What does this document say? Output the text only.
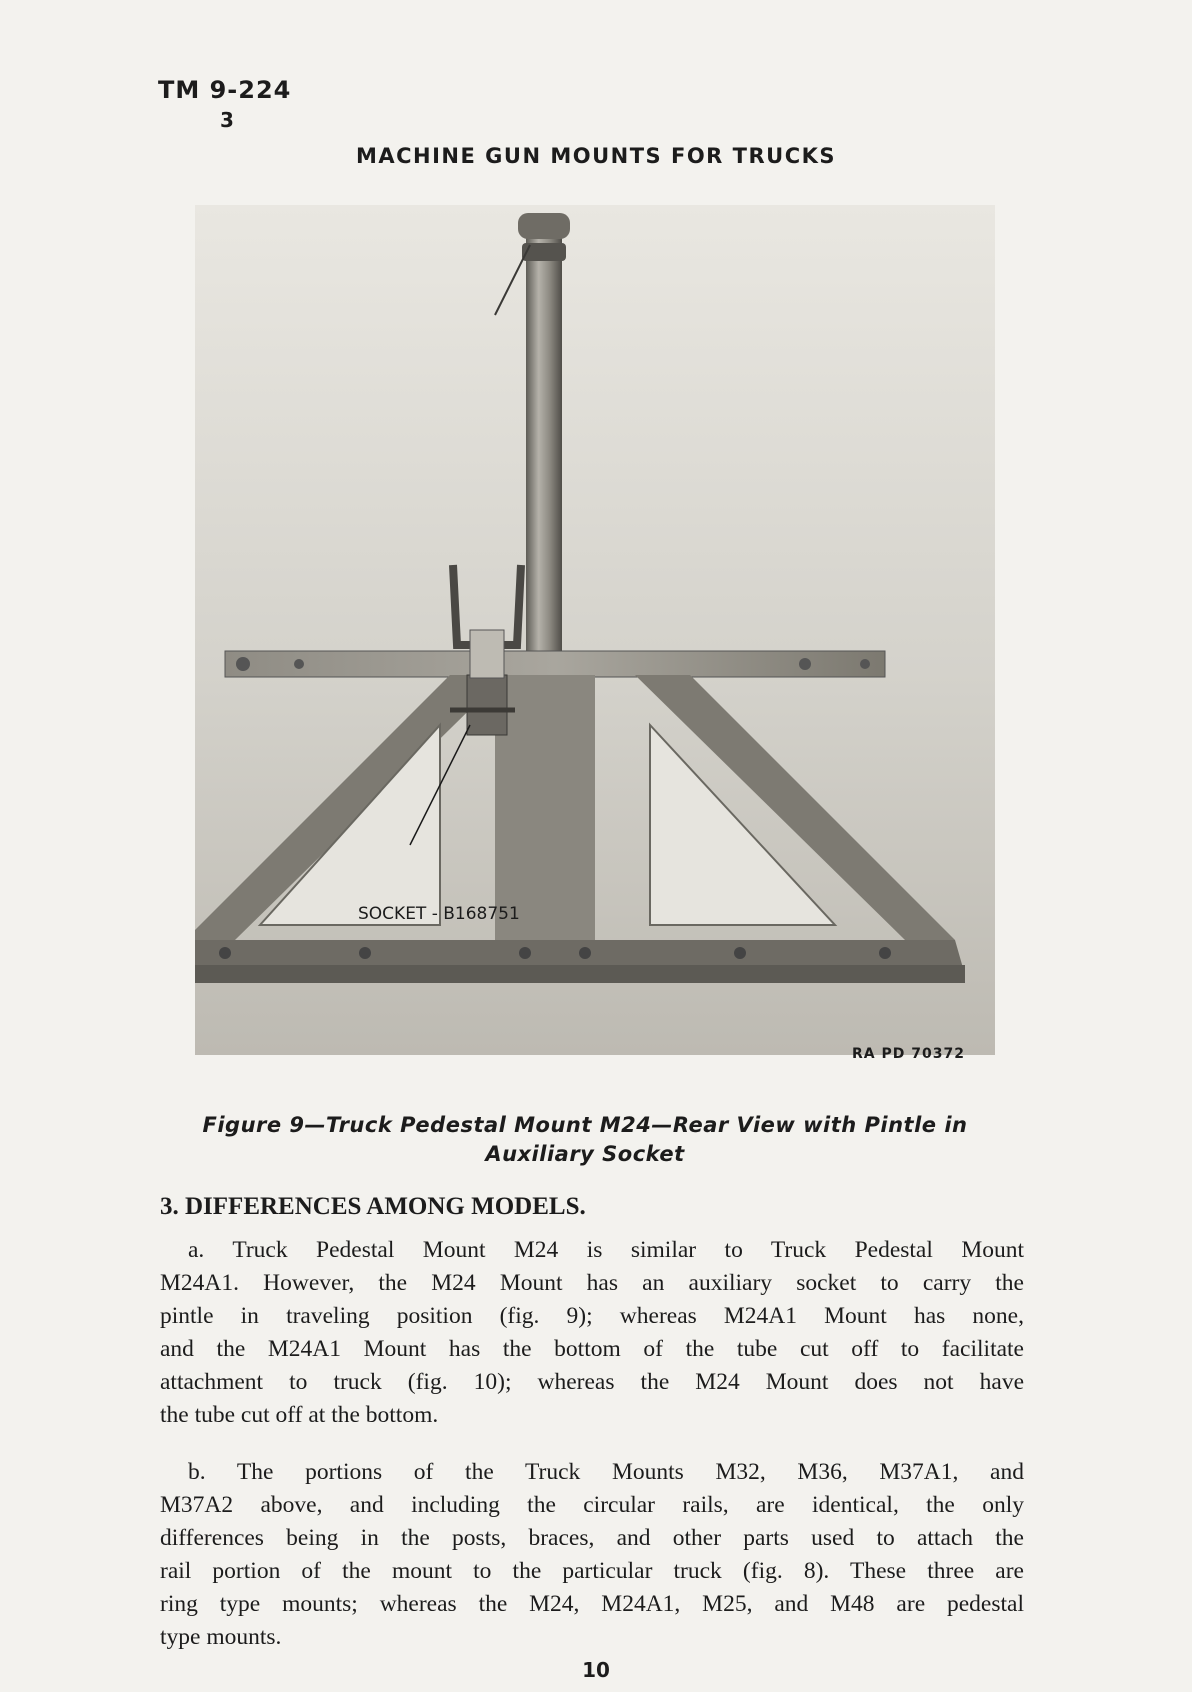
TM 9-224
3
MACHINE GUN MOUNTS FOR TRUCKS
SOCKET - B168751
RA PD 70372
Figure 9—Truck Pedestal Mount M24—Rear View with Pintle in
Auxiliary Socket
3. DIFFERENCES AMONG MODELS.
a. Truck Pedestal Mount M24 is similar to Truck Pedestal Mount
M24A1. However, the M24 Mount has an auxiliary socket to carry the
pintle in traveling position (fig. 9); whereas M24A1 Mount has none,
and the M24A1 Mount has the bottom of the tube cut off to facilitate
attachment to truck (fig. 10); whereas the M24 Mount does not have
the tube cut off at the bottom.
b. The portions of the Truck Mounts M32, M36, M37A1, and
M37A2 above, and including the circular rails, are identical, the only
differences being in the posts, braces, and other parts used to attach the
rail portion of the mount to the particular truck (fig. 8). These three are
ring type mounts; whereas the M24, M24A1, M25, and M48 are pedestal
type mounts.
10
